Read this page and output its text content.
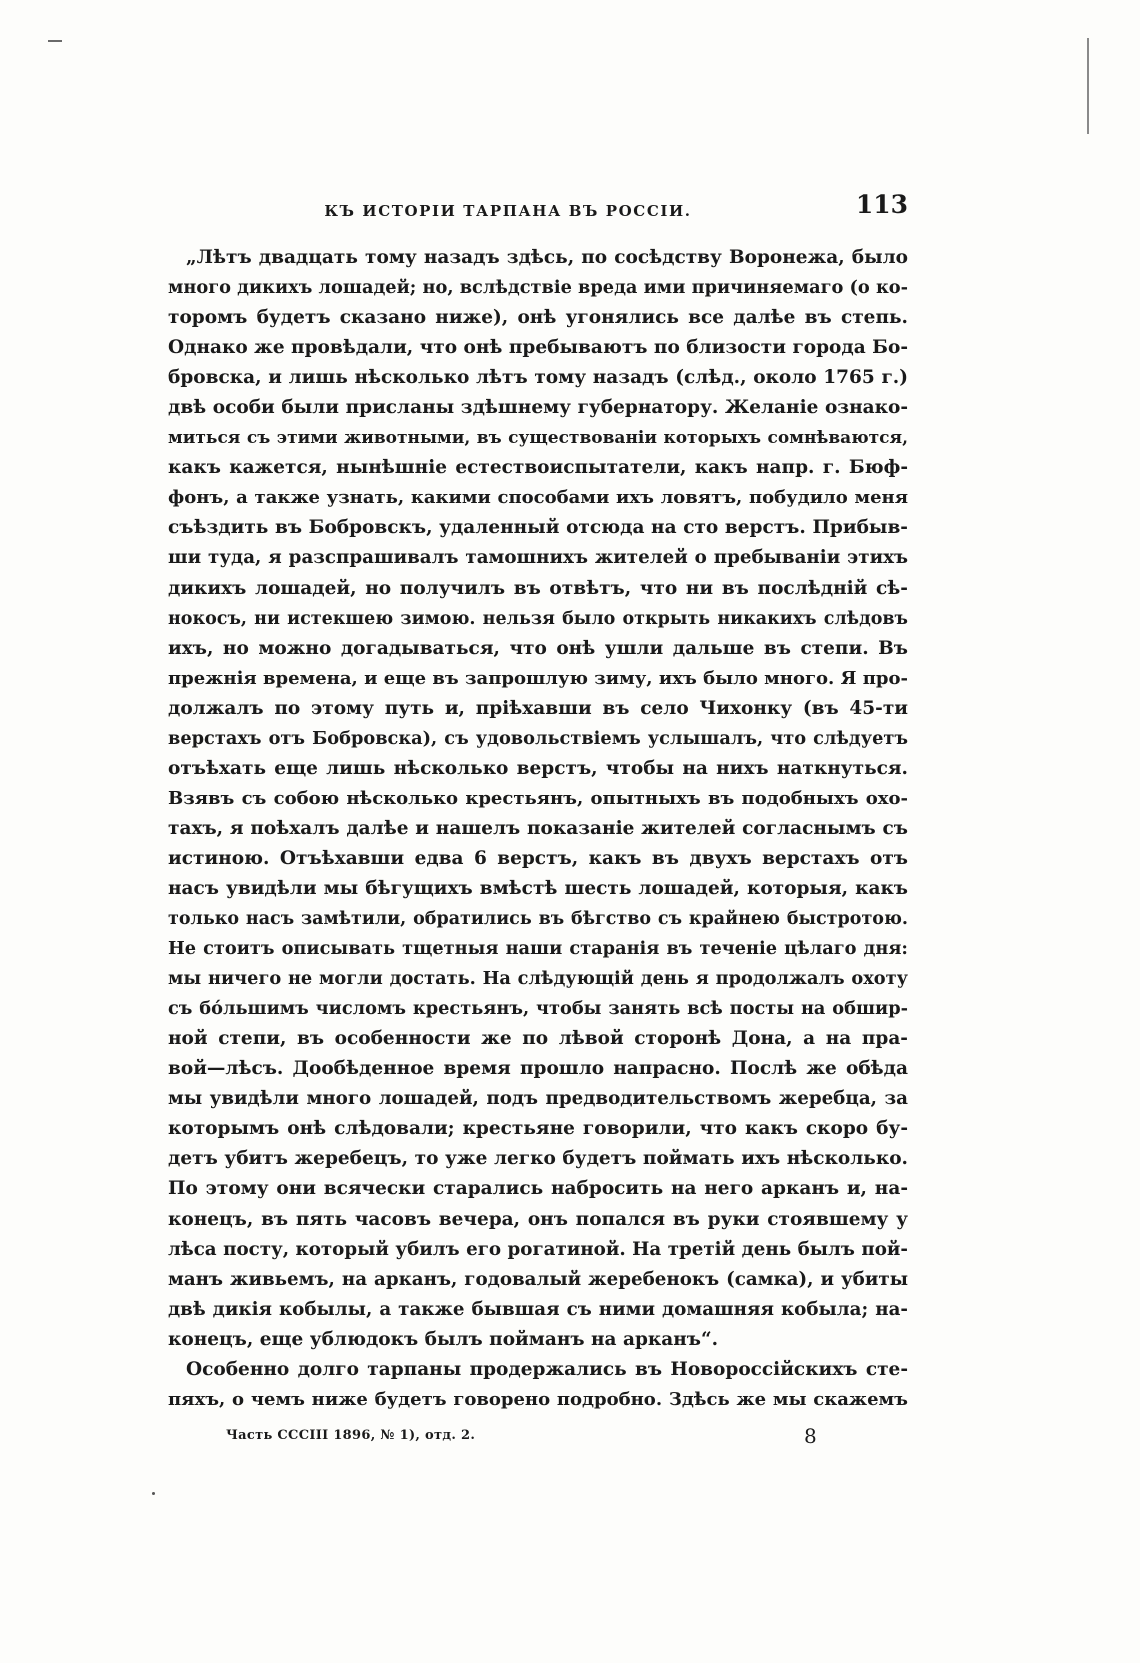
КЪ ИСТОРІИ ТАРПАНА ВЪ РОССІИ.	113
„Лѣтъ двадцать тому назадъ здѣсь, по сосѣдству Воронежа, было
много дикихъ лошадей; но, вслѣдствіе вреда ими причиняемаго (о ко-
торомъ будетъ сказано ниже), онѣ угонялись все далѣе въ степь.
Однако же провѣдали, что онѣ пребываютъ по близости города Бо-
бровска, и лишь нѣсколько лѣтъ тому назадъ (слѣд., около 1765 г.)
двѣ особи были присланы здѣшнему губернатору. Желаніе ознако-
миться съ этими животными, въ существованіи которыхъ сомнѣваются,
какъ кажется, нынѣшніе естествоиспытатели, какъ напр. г. Бюф-
фонъ, а также узнать, какими способами ихъ ловятъ, побудило меня
съѣздить въ Бобровскъ, удаленный отсюда на сто верстъ. Прибыв-
ши туда, я разспрашивалъ тамошнихъ жителей о пребываніи этихъ
дикихъ лошадей, но получилъ въ отвѣтъ, что ни въ послѣдній сѣ-
нокосъ, ни истекшею зимою. нельзя было открыть никакихъ слѣдовъ
ихъ, но можно догадываться, что онѣ ушли дальше въ степи. Въ
прежнія времена, и еще въ запрошлую зиму, ихъ было много. Я про-
должалъ по этому путь и, пріѣхавши въ село Чихонку (въ 45-ти
верстахъ отъ Бобровска), съ удовольствіемъ услышалъ, что слѣдуетъ
отъѣхать еще лишь нѣсколько верстъ, чтобы на нихъ наткнуться.
Взявъ съ собою нѣсколько крестьянъ, опытныхъ въ подобныхъ охо-
тахъ, я поѣхалъ далѣе и нашелъ показаніе жителей согласнымъ съ
истиною. Отъѣхавши едва 6 верстъ, какъ въ двухъ верстахъ отъ
насъ увидѣли мы бѣгущихъ вмѣстѣ шесть лошадей, которыя, какъ
только насъ замѣтили, обратились въ бѣгство съ крайнею быстротою.
Не стоитъ описывать тщетныя наши старанія въ теченіе цѣлаго дня:
мы ничего не могли достать. На слѣдующій день я продолжалъ охоту
съ бóльшимъ числомъ крестьянъ, чтобы занять всѣ посты на обшир-
ной степи, въ особенности же по лѣвой сторонѣ Дона, а на пра-
вой—лѣсъ. Дообѣденное время прошло напрасно. Послѣ же обѣда
мы увидѣли много лошадей, подъ предводительствомъ жеребца, за
которымъ онѣ слѣдовали; крестьяне говорили, что какъ скоро бу-
детъ убитъ жеребецъ, то уже легко будетъ поймать ихъ нѣсколько.
По этому они всячески старались набросить на него арканъ и, на-
конецъ, въ пять часовъ вечера, онъ попался въ руки стоявшему у
лѣса посту, который убилъ его рогатиной. На третій день былъ пой-
манъ живьемъ, на арканъ, годовалый жеребенокъ (самка), и убиты
двѣ дикія кобылы, а также бывшая съ ними домашняя кобыла; на-
конецъ, еще ублюдокъ былъ пойманъ на арканъ“.
Особенно долго тарпаны продержались въ Новороссійскихъ сте-
пяхъ, о чемъ ниже будетъ говорено подробно. Здѣсь же мы скажемъ
Часть СССIII 1896, № 1), отд. 2.	8
